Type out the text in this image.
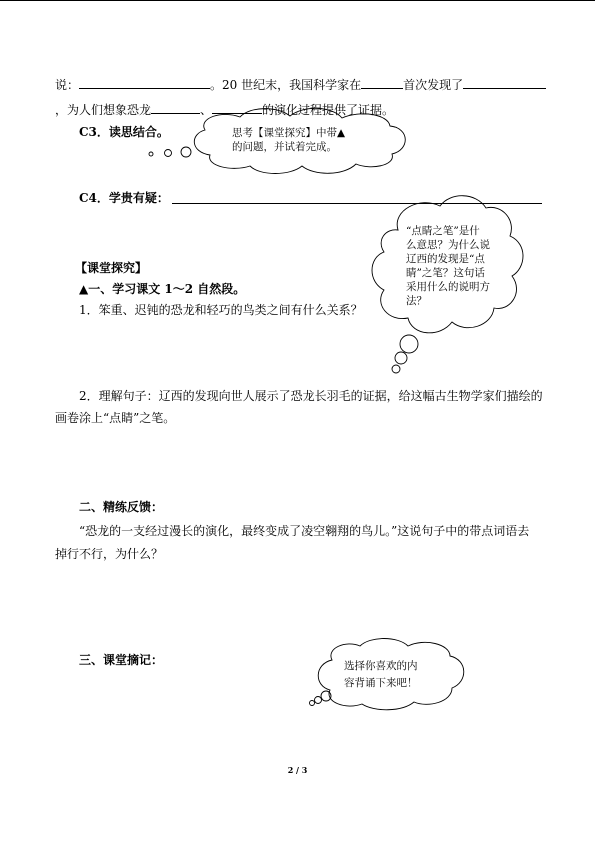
说：	。20 世纪末，我国科学家在	首次发现了
，为人们想象恐龙	、	的演化过程提供了证据。
C3．读思结合。	思考【课堂探究】中带▲
的问题，并试着完成。
C4．学贵有疑：
“点睛之笔”是什
么意思？为什么说
辽西的发现是“点
睛”之笔？这句话
采用什么的说明方
法？
【课堂探究】
▲一、学习课文 1～2 自然段。
1．笨重、迟钝的恐龙和轻巧的鸟类之间有什么关系？
2．理解句子：辽西的发现向世人展示了恐龙长羽毛的证据，给这幅古生物学家们描绘的
画卷涂上“点睛”之笔。
二、精练反馈：
“恐龙的一支经过漫长的演化，最终变成了凌空翱翔的鸟儿。”这说句子中的带点词语去
掉行不行，为什么？
三、课堂摘记：	选择你喜欢的内
容背诵下来吧！
2 / 3
